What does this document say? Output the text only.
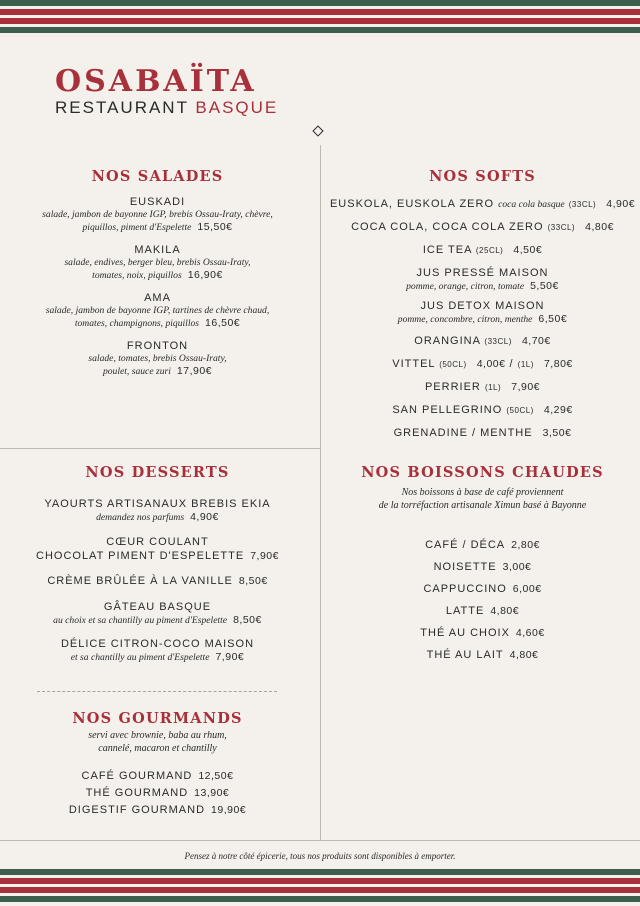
OSABAÏTA
RESTAURANT BASQUE
NOS SALADES
EUSKADI
salade, jambon de bayonne IGP, brebis Ossau-Iraty, chèvre,
piquillos, piment d'Espelette 15,50€
MAKILA
salade, endives, berger bleu, brebis Ossau-Iraty,
tomates, noix, piquillos 16,90€
AMA
salade, jambon de bayonne IGP, tartines de chèvre chaud,
tomates, champignons, piquillos 16,50€
FRONTON
salade, tomates, brebis Ossau-Iraty,
poulet, sauce zuri 17,90€
NOS SOFTS
EUSKOLA, EUSKOLA ZERO coca cola basque (33CL) 4,90€
COCA COLA, COCA COLA ZERO (33CL) 4,80€
ICE TEA (25CL) 4,50€
JUS PRESSÉ MAISON
pomme, orange, citron, tomate 5,50€
JUS DETOX MAISON
pomme, concombre, citron, menthe 6,50€
ORANGINA (33CL) 4,70€
VITTEL (50CL) 4,00€ / (1L) 7,80€
PERRIER (1L) 7,90€
SAN PELLEGRINO (50CL) 4,29€
GRENADINE / MENTHE 3,50€
NOS DESSERTS
YAOURTS ARTISANAUX BREBIS EKIA
demandez nos parfums 4,90€
CŒUR COULANT
CHOCOLAT PIMENT D'ESPELETTE 7,90€
CRÈME BRÛLÉE À LA VANILLE 8,50€
GÂTEAU BASQUE
au choix et sa chantilly au piment d'Espelette 8,50€
DÉLICE CITRON-COCO MAISON
et sa chantilly au piment d'Espelette 7,90€
NOS GOURMANDS
servi avec brownie, baba au rhum,
cannelé, macaron et chantilly
CAFÉ GOURMAND 12,50€
THÉ GOURMAND 13,90€
DIGESTIF GOURMAND 19,90€
NOS BOISSONS CHAUDES
Nos boissons à base de café proviennent
de la torréfaction artisanale Ximun basé à Bayonne
CAFÉ / DÉCA 2,80€
NOISETTE 3,00€
CAPPUCCINO 6,00€
LATTE 4,80€
THÉ AU CHOIX 4,60€
THÉ AU LAIT 4,80€
Pensez à notre côté épicerie, tous nos produits sont disponibles à emporter.
